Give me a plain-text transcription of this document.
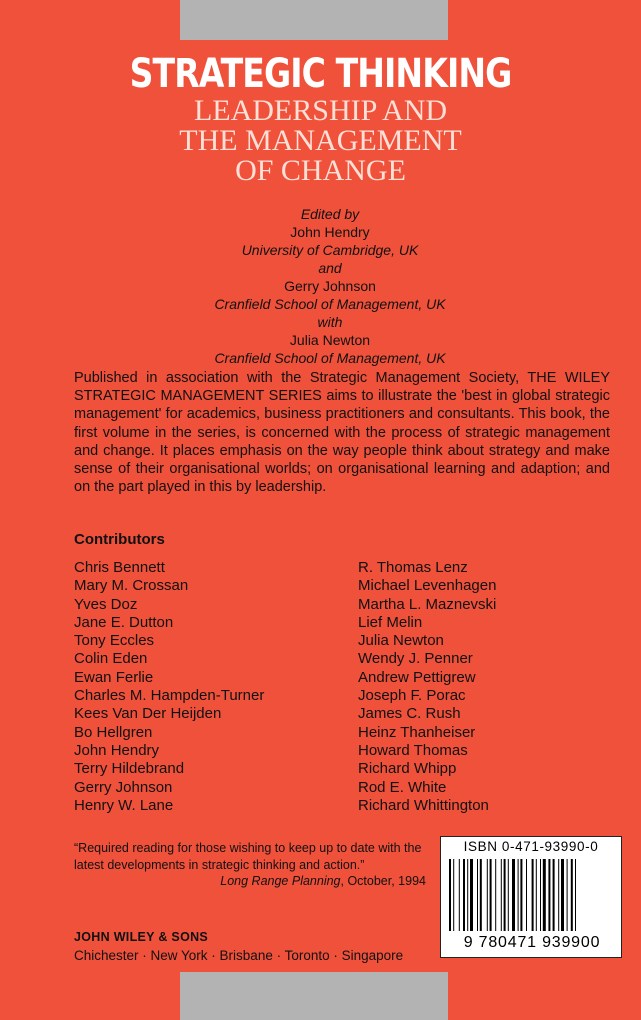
STRATEGIC THINKING
LEADERSHIP AND
THE MANAGEMENT
OF CHANGE
Edited by
John Hendry
University of Cambridge, UK
and
Gerry Johnson
Cranfield School of Management, UK
with
Julia Newton
Cranfield School of Management, UK
Published in association with the Strategic Management Society, THE WILEY STRATEGIC MANAGEMENT SERIES aims to illustrate the 'best in global strategic management' for academics, business practitioners and consultants. This book, the first volume in the series, is concerned with the process of strategic management and change. It places emphasis on the way people think about strategy and make sense of their organisational worlds; on organisational learning and adaption; and on the part played in this by leadership.
Contributors
Chris Bennett
Mary M. Crossan
Yves Doz
Jane E. Dutton
Tony Eccles
Colin Eden
Ewan Ferlie
Charles M. Hampden-Turner
Kees Van Der Heijden
Bo Hellgren
John Hendry
Terry Hildebrand
Gerry Johnson
Henry W. Lane
R. Thomas Lenz
Michael Levenhagen
Martha L. Maznevski
Lief Melin
Julia Newton
Wendy J. Penner
Andrew Pettigrew
Joseph F. Porac
James C. Rush
Heinz Thanheiser
Howard Thomas
Richard Whipp
Rod E. White
Richard Whittington
“Required reading for those wishing to keep up to date with the latest developments in strategic thinking and action.”
Long Range Planning, October, 1994
JOHN WILEY & SONS
Chichester · New York · Brisbane · Toronto · Singapore
ISBN 0-471-93990-0
9 780471 939900
